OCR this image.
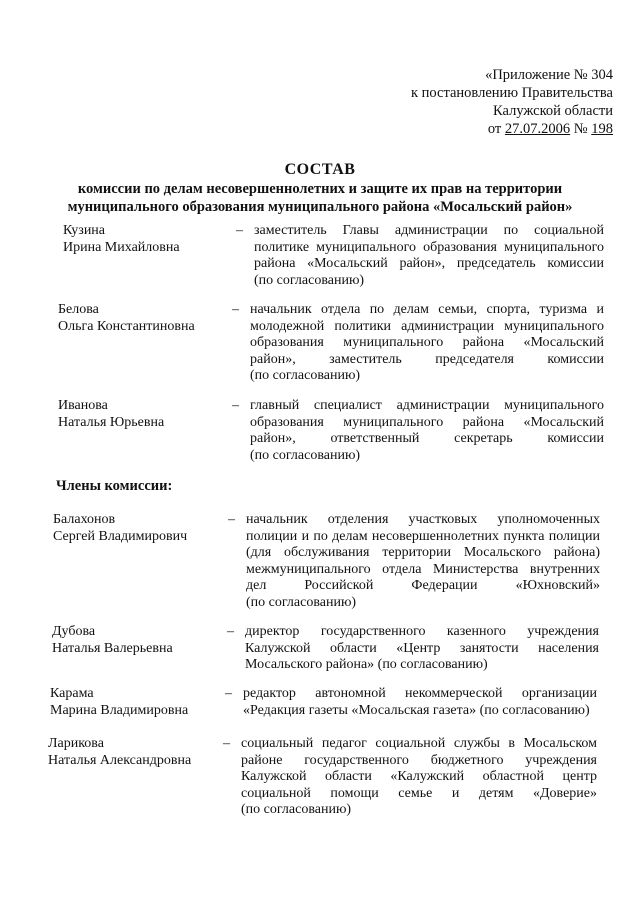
«Приложение № 304
к постановлению Правительства
Калужской области
от 27.07.2006 № 198
СОСТАВ
комиссии по делам несовершеннолетних и защите их прав на территории
муниципального образования муниципального района «Мосальский район»
Кузина
Ирина Михайловна
– заместитель Главы администрации по социальной
политике муниципального образования муниципального
района «Мосальский район», председатель комиссии
(по согласованию)
Белова
Ольга Константиновна
– начальник отдела по делам семьи, спорта, туризма и
молодежной политики администрации муниципального
образования муниципального района «Мосальский
район», заместитель председателя комиссии
(по согласованию)
Иванова
Наталья Юрьевна
– главный специалист администрации муниципального
образования муниципального района «Мосальский
район», ответственный секретарь комиссии
(по согласованию)
Члены комиссии:
Балахонов
Сергей Владимирович
– начальник отделения участковых уполномоченных
полиции и по делам несовершеннолетних пункта полиции
(для обслуживания территории Мосальского района)
межмуниципального отдела Министерства внутренних
дел Российской Федерации «Юхновский»
(по согласованию)
Дубова
Наталья Валерьевна
– директор государственного казенного учреждения
Калужской области «Центр занятости населения
Мосальского района» (по согласованию)
Карама
Марина Владимировна
– редактор автономной некоммерческой организации
«Редакция газеты «Мосальская газета» (по согласованию)
Ларикова
Наталья Александровна
– социальный педагог социальной службы в Мосальском
районе государственного бюджетного учреждения
Калужской области «Калужский областной центр
социальной помощи семье и детям «Доверие»
(по согласованию)
